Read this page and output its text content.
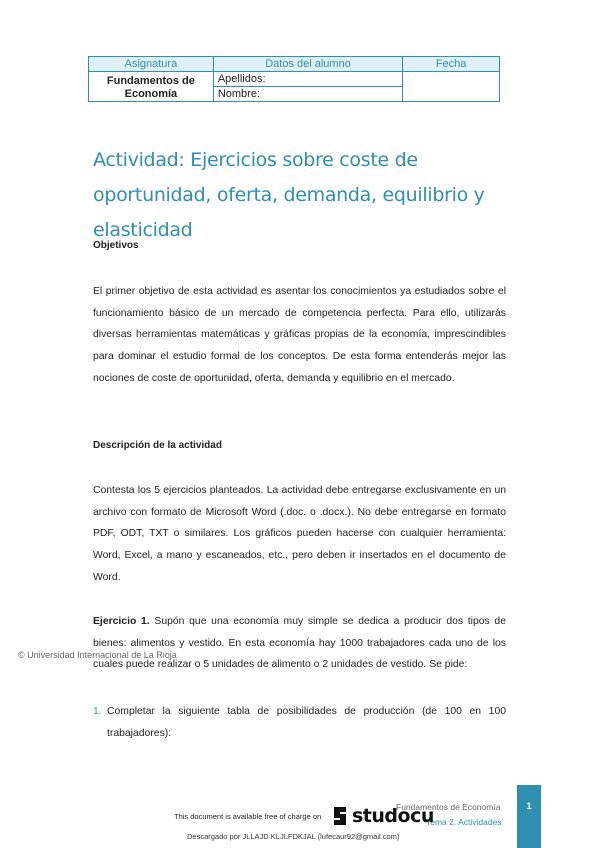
Asignatura	Datos del alumno	Fecha
Fundamentos de Economía	Apellidos:	
	Nombre:	
Actividad: Ejercicios sobre coste de oportunidad, oferta, demanda, equilibrio y elasticidad
Objetivos

El primer objetivo de esta actividad es asentar los conocimientos ya estudiados sobre el funcionamiento básico de un mercado de competencia perfecta. Para ello, utilizarás diversas herramientas matemáticas y gráficas propias de la economía, imprescindibles para dominar el estudio formal de los conceptos. De esta forma entenderás mejor las nociones de coste de oportunidad, oferta, demanda y equilibrio en el mercado.

Descripción de la actividad

Contesta los 5 ejercicios planteados. La actividad debe entregarse exclusivamente en un archivo con formato de Microsoft Word (.doc. o .docx.). No debe entregarse en formato PDF, ODT, TXT o similares. Los gráficos pueden hacerse con cualquier herramienta: Word, Excel, a mano y escaneados, etc., pero deben ir insertados en el documento de Word.

Ejercicio 1. Supón que una economía muy simple se dedica a producir dos tipos de bienes: alimentos y vestido. En esta economía hay 1000 trabajadores cada uno de los cuales puede realizar o 5 unidades de alimento o 2 unidades de vestido. Se pide:

© Universidad Internacional de La Rioja
1. Completar la siguiente tabla de posibilidades de producción (de 100 en 100 trabajadores):
Fundamentos de Economía
Tema 2. Actividades
1
This document is available free of charge on studocu
Descargado por JLLAJD KLJLFDKJAL (lufecaur92@gmail.com)
